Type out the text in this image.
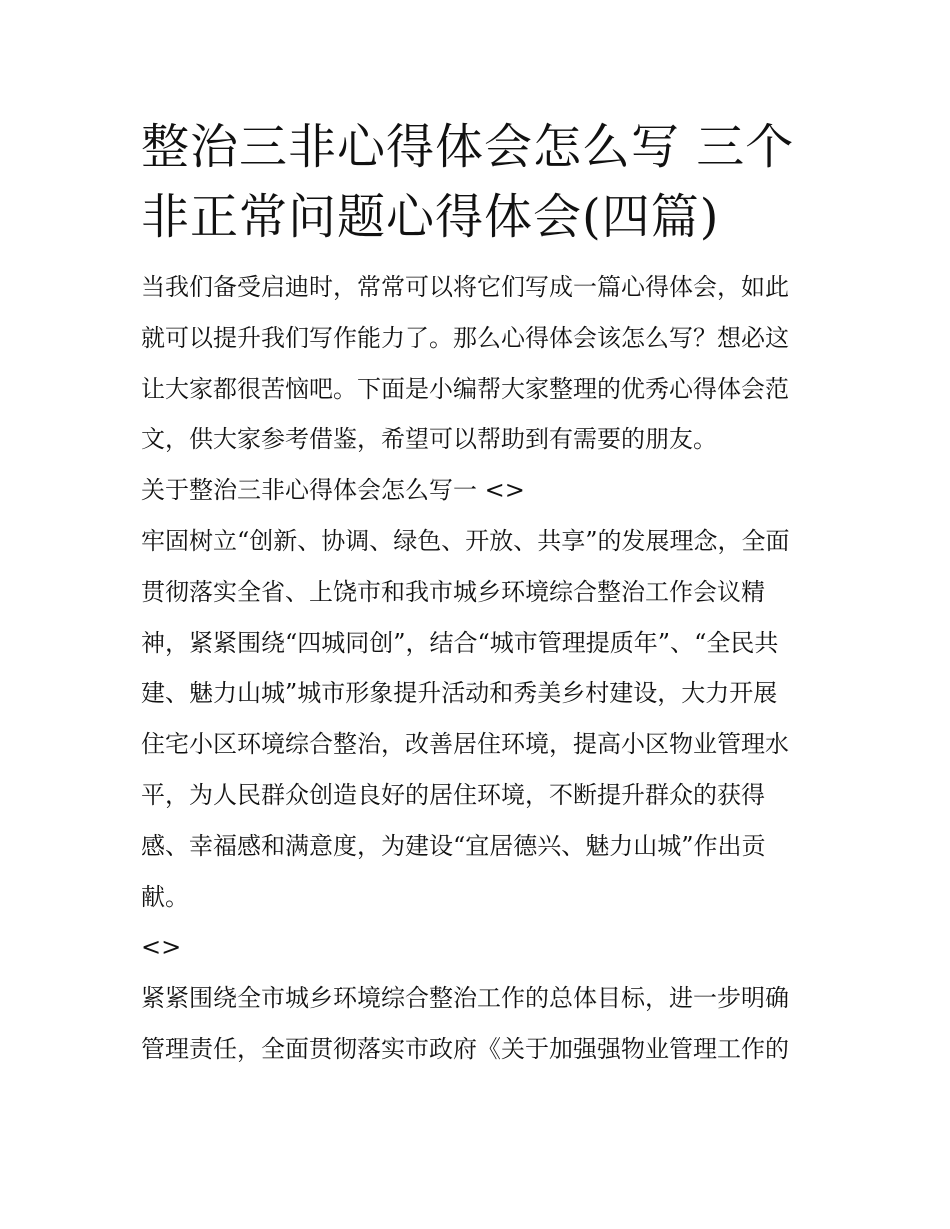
整治三非心得体会怎么写 三个
非正常问题心得体会(四篇)
当我们备受启迪时，常常可以将它们写成一篇心得体会，如此
就可以提升我们写作能力了。那么心得体会该怎么写？想必这
让大家都很苦恼吧。下面是小编帮大家整理的优秀心得体会范
文，供大家参考借鉴，希望可以帮助到有需要的朋友。
关于整治三非心得体会怎么写一 <>
牢固树立“创新、协调、绿色、开放、共享”的发展理念，全面
贯彻落实全省、上饶市和我市城乡环境综合整治工作会议精
神，紧紧围绕“四城同创”，结合“城市管理提质年”、“全民共
建、魅力山城”城市形象提升活动和秀美乡村建设，大力开展
住宅小区环境综合整治，改善居住环境，提高小区物业管理水
平，为人民群众创造良好的居住环境，不断提升群众的获得
感、幸福感和满意度，为建设“宜居德兴、魅力山城”作出贡
献。
<>
紧紧围绕全市城乡环境综合整治工作的总体目标，进一步明确
管理责任，全面贯彻落实市政府《关于加强强物业管理工作的
